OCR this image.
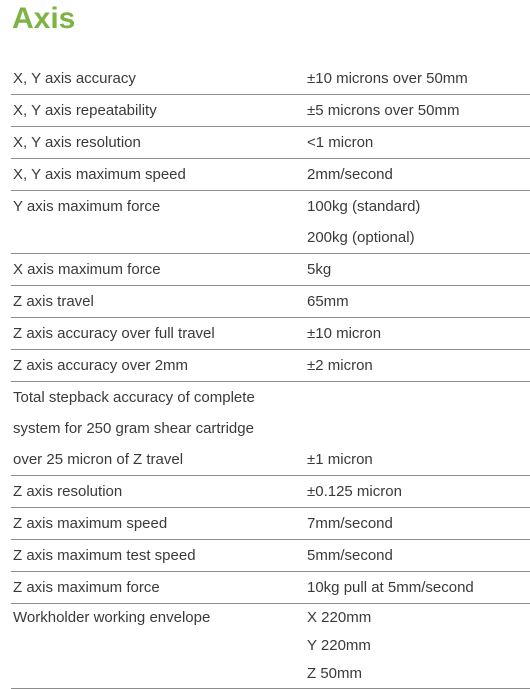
Axis
X, Y axis accuracy	±10 microns over 50mm
X, Y axis repeatability	±5 microns over 50mm
X, Y axis resolution	<1 micron
X, Y axis maximum speed	2mm/second
Y axis maximum force	100kg (standard)
200kg (optional)
X axis maximum force	5kg
Z axis travel	65mm
Z axis accuracy over full travel	±10 micron
Z axis accuracy over 2mm	±2 micron
Total stepback accuracy of complete
system for 250 gram shear cartridge
over 25 micron of Z travel	±1 micron
Z axis resolution	±0.125 micron
Z axis maximum speed	7mm/second
Z axis maximum test speed	5mm/second
Z axis maximum force	10kg pull at 5mm/second
Workholder working envelope	X 220mm
Y 220mm
Z 50mm
